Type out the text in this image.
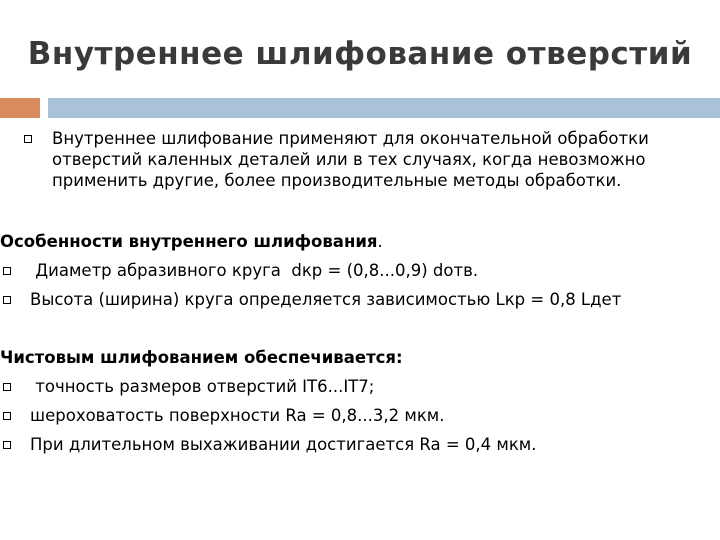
Внутреннее шлифование отверстий
Внутреннее шлифование применяют для окончательной обработки отверстий каленных деталей или в тех случаях, когда невозможно применить другие, более производительные методы обработки.
Особенности внутреннего шлифования.
Диаметр абразивного круга  dкр = (0,8...0,9) dотв.
Высота (ширина) круга определяется зависимостью Lкр = 0,8 Lдет
Чистовым шлифованием обеспечивается:
точность размеров отверстий IT6...IT7;
шероховатость поверхности Ra = 0,8...3,2 мкм.
При длительном выхаживании достигается Ra = 0,4 мкм.
